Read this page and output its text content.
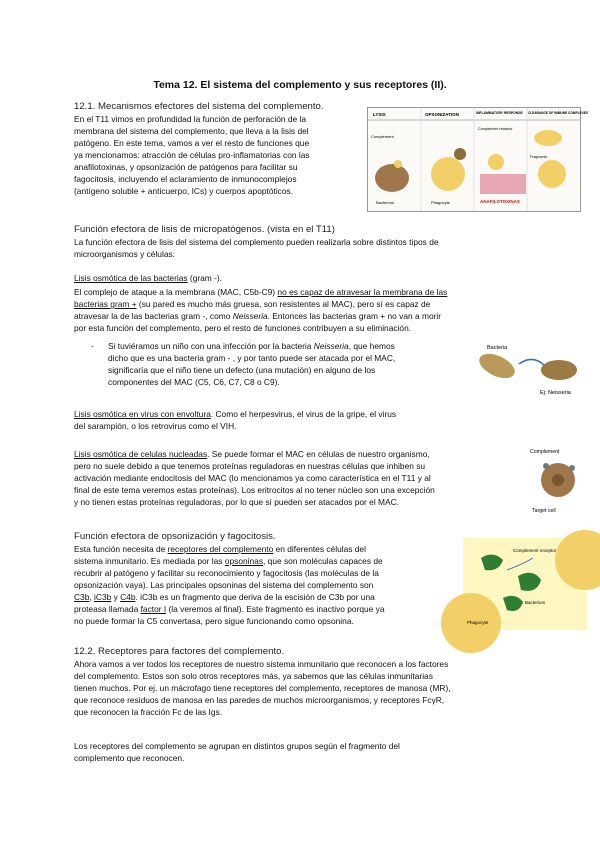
Tema 12. El sistema del complemento y sus receptores (II).
12.1. Mecanismos efectores del sistema del complemento.
En el T11 vimos en profundidad la función de perforación de la
membrana del sistema del complemento, que lleva a la lisis del
patógeno. En este tema, vamos a ver el resto de funciones que
ya mencionamos: atracción de células pro-inflamatorias con las
anafilotoxinas, y opsonización de patógenos para facilitar su
fagocitosis, incluyendo el aclaramiento de inmunocomplejos
(antígeno soluble + anticuerpo, ICs) y cuerpos apoptóticos.
LYSIS	OPSONIZATION	INFLAMMATORY RESPONSE CLEARANCE OF IMMUNE COMPLEXES
Complement
Bacterium	Phagocyte
Complement receptor
ANAFILOTOXINAS
Fragments
Función efectora de lisis de micropatógenos. (vista en el T11)
La función efectora de lisis del sistema del complemento pueden realizarla sobre distintos tipos de
microorganismos y células:
Lisis osmótica de las bacterias (gram -).
El complejo de ataque a la membrana (MAC, C5b-C9) no es capaz de atravesar la membrana de las
bacterias gram + (su pared es mucho más gruesa, son resistentes al MAC), pero sí es capaz de
atravesar la de las bacterias gram -, como Neisseria. Entonces las bacterias gram + no van a morir
por esta función del complemento, pero el resto de funciones contribuyen a su eliminación.
- Si tuviéramos un niño con una infección por la bacteria Neisseria, que hemos
dicho que es una bacteria gram - , y por tanto puede ser atacada por el MAC,
significaría que el niño tiene un defecto (una mutación) en alguno de los
componentes del MAC (C5, C6, C7, C8 o C9).
Bacteria
Ej: Neisseria
Lisis osmótica en virus con envoltura. Como el herpesvirus, el virus de la gripe, el virus
del sarampión, o los retrovirus como el VIH.
Lisis osmótica de celulas nucleadas. Se puede formar el MAC en células de nuestro organismo,
pero no suele debido a que tenemos proteínas reguladoras en nuestras células que inhiben su
activación mediante endocitosis del MAC (lo mencionamos ya como característica en el T11 y al
final de este tema veremos estas proteínas). Los eritrocitos al no tener núcleo son una excepción
y no tienen estas proteínas reguladoras, por lo que sí pueden ser atacados por el MAC.
Complement
Target cell
Función efectora de opsonización y fagocitosis.
Esta función necesita de receptores del complemento en diferentes células del
sistema inmunitario. Es mediada por las opsoninas, que son moléculas capaces de
recubrir al patógeno y facilitar su reconocimiento y fagocitosis (las moléculas de la
opsonización vaya). Las principales opsoninas del sistema del complemento son
C3b, iC3b y C4b. iC3b es un fragmento que deriva de la escisión de C3b por una
proteasa llamada factor I (la veremos al final). Este fragmento es inactivo porque ya
no puede formar la C5 convertasa, pero sigue funcionando como opsonina.
Complement receptor
Bacterium
Phagocyte
12.2. Receptores para factores del complemento.
Ahora vamos a ver todos los receptores de nuestro sistema inmunitario que reconocen a los factores
del complemento. Estos son solo otros receptores más, ya sabemos que las células inmunitarias
tienen muchos. Por ej. un mácrofago tiene receptores del complemento, receptores de manosa (MR),
que reconoce residuos de manosa en las paredes de muchos microorganismos, y receptores FcγR,
que reconocen la fracción Fc de las Igs.
Los receptores del complemento se agrupan en distintos grupos según el fragmento del
complemento que reconocen.
